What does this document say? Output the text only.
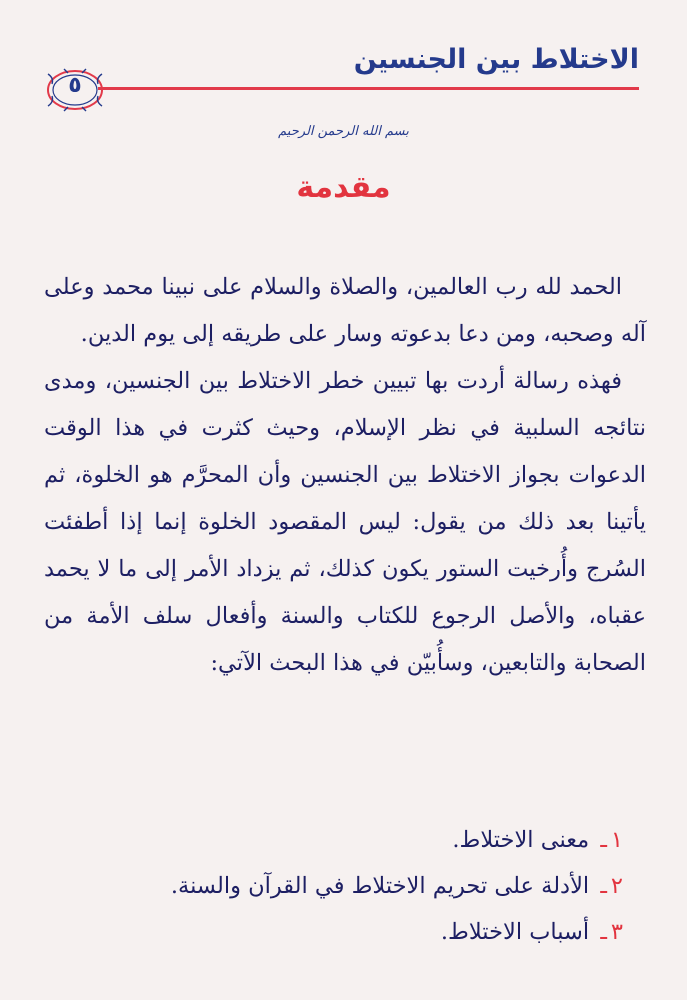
الاختلاط بين الجنسين
٥
بسم الله الرحمن الرحيم
مقدمة

الحمد لله رب العالمين، والصلاة والسلام على نبينا محمد وعلى آله وصحبه، ومن دعا بدعوته وسار على طريقه إلى يوم الدين.

فهذه رسالة أردت بها تبيين خطر الاختلاط بين الجنسين، ومدى نتائجه السلبية في نظر الإسلام، وحيث كثرت في هذا الوقت الدعوات بجواز الاختلاط بين الجنسين وأن المحرَّم هو الخلوة، ثم يأتينا بعد ذلك من يقول: ليس المقصود الخلوة إنما إذا أطفئت السُرج وأُرخيت الستور يكون كذلك، ثم يزداد الأمر إلى ما لا يحمد عقباه، والأصل الرجوع للكتاب والسنة وأفعال سلف الأمة من الصحابة والتابعين، وسأُبيّن في هذا البحث الآتي:

١ـ معنى الاختلاط.
٢ـ الأدلة على تحريم الاختلاط في القرآن والسنة.
٣ـ أسباب الاختلاط.
